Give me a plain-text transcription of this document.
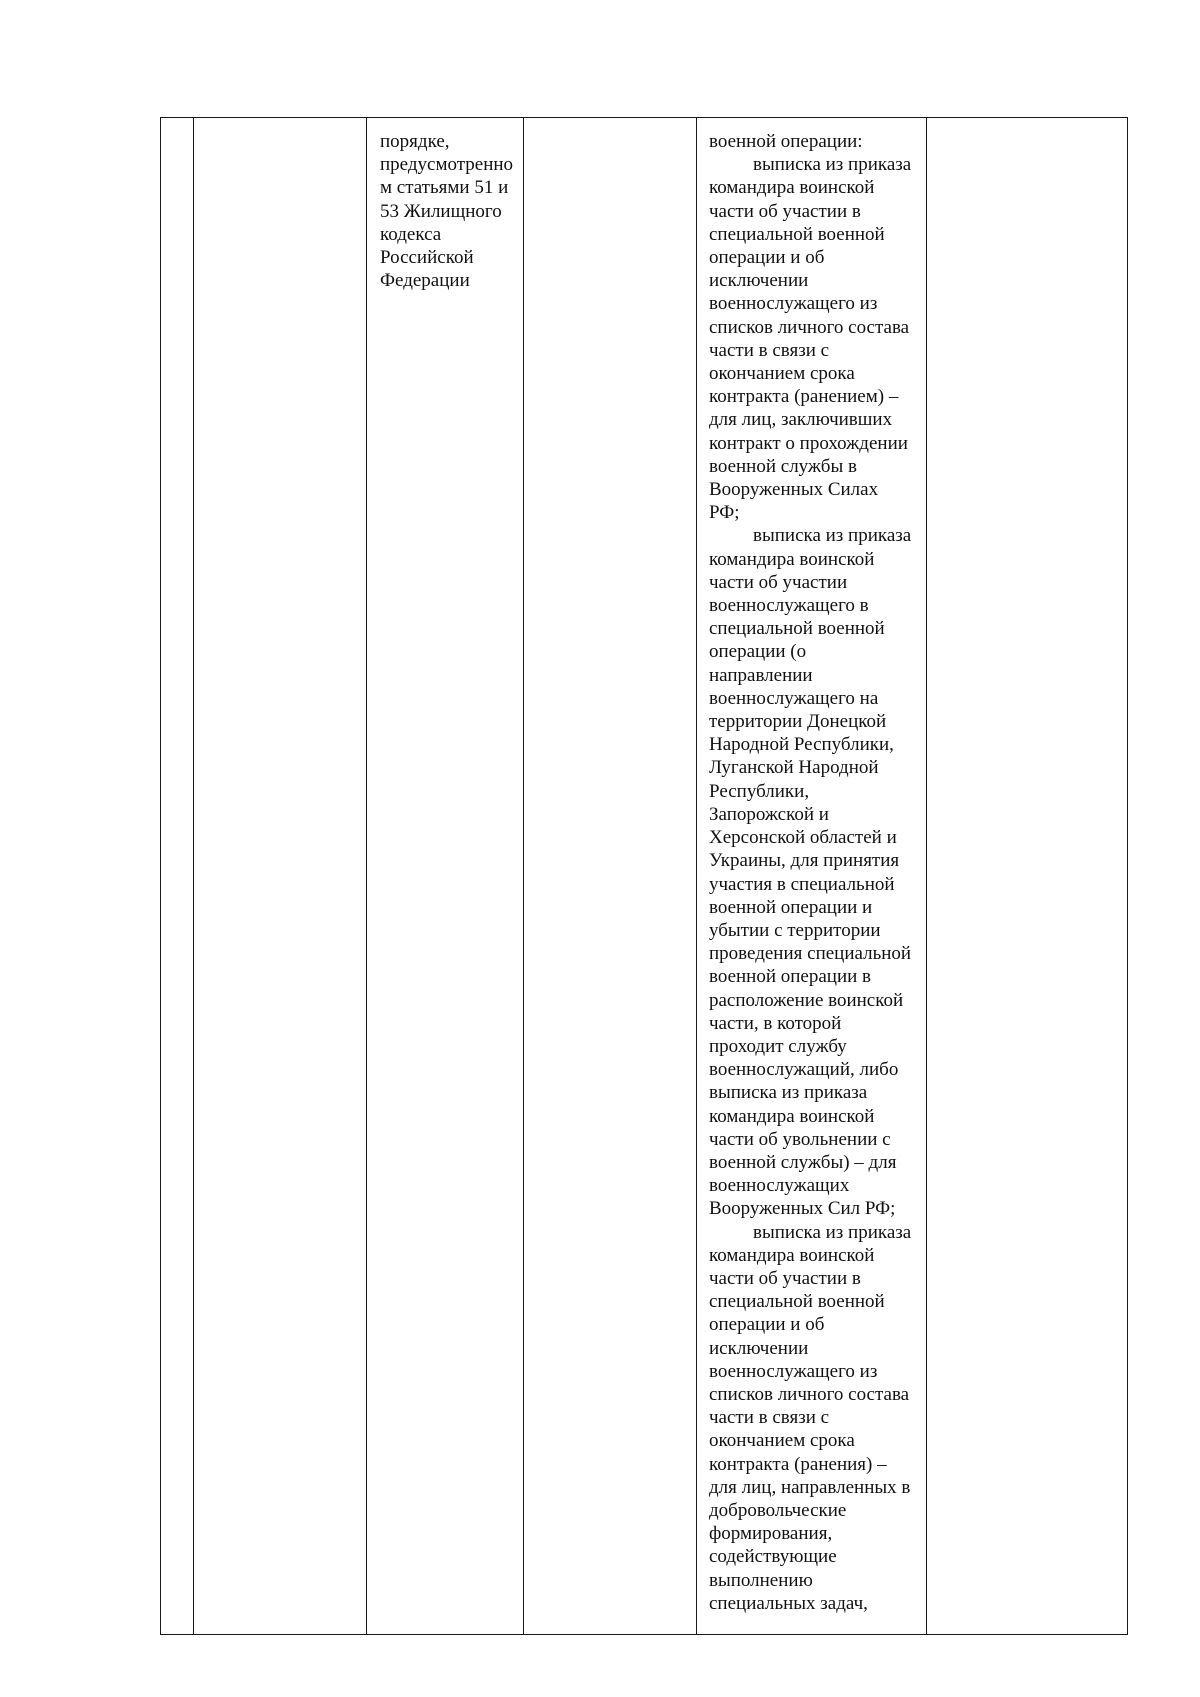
порядке,
предусмотренно
м статьями 51 и
53 Жилищного
кодекса
Российской
Федерации

военной операции:

выписка из приказа
командира воинской
части об участии в
специальной военной
операции и об
исключении
военнослужащего из
списков личного состава
части в связи с
окончанием срока
контракта (ранением) –
для лиц, заключивших
контракт о прохождении
военной службы в
Вооруженных Силах
РФ;

выписка из приказа
командира воинской
части об участии
военнослужащего в
специальной военной
операции (о
направлении
военнослужащего на
территории Донецкой
Народной Республики,
Луганской Народной
Республики,
Запорожской и
Херсонской областей и
Украины, для принятия
участия в специальной
военной операции и
убытии с территории
проведения специальной
военной операции в
расположение воинской
части, в которой
проходит службу
военнослужащий, либо
выписка из приказа
командира воинской
части об увольнении с
военной службы) – для
военнослужащих
Вооруженных Сил РФ;

выписка из приказа
командира воинской
части об участии в
специальной военной
операции и об
исключении
военнослужащего из
списков личного состава
части в связи с
окончанием срока
контракта (ранения) –
для лиц, направленных в
добровольческие
формирования,
содействующие
выполнению
специальных задач,
